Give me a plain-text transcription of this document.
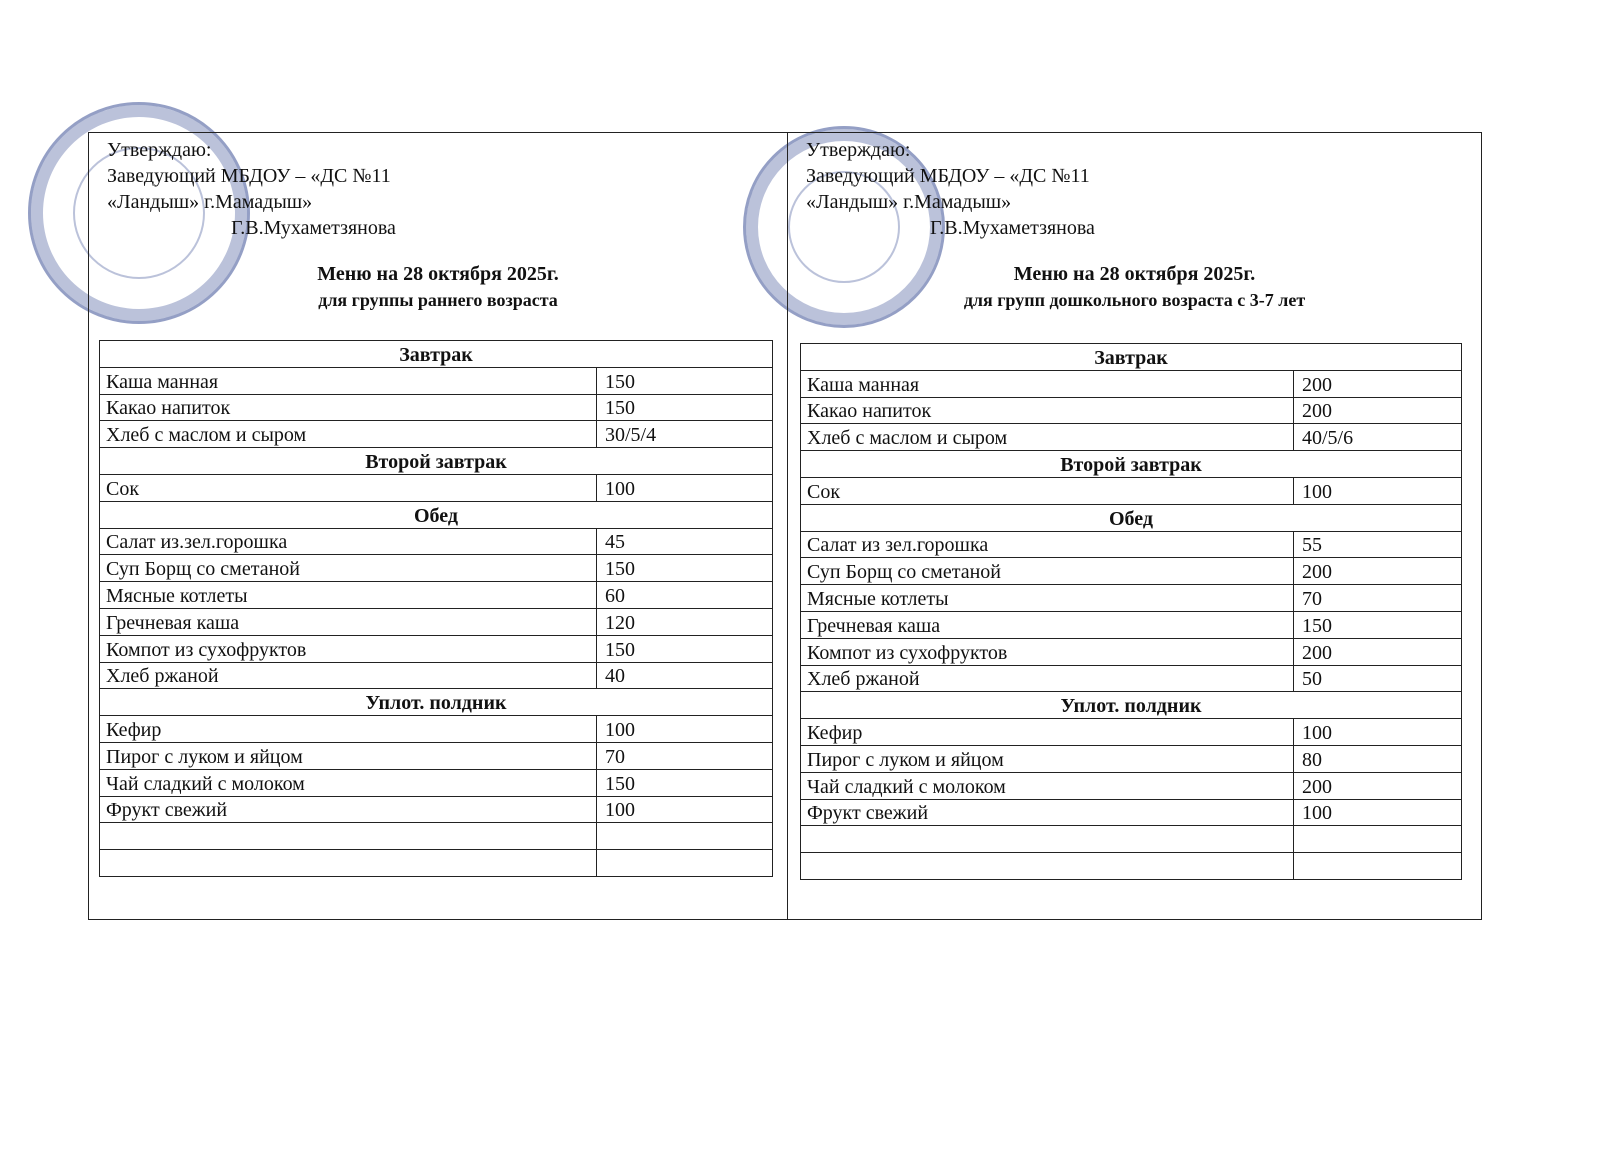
Утверждаю:
Заведующий МБДОУ – «ДС №11
«Ландыш» г.Мамадыш»
Г.В.Мухаметзянова
Меню на 28 октября 2025г.
для группы раннего возраста
Завтрак	
Каша манная	150
Какао напиток	150
Хлеб с маслом и сыром	30/5/4
Второй завтрак	
Сок	100
Обед	
Салат из.зел.горошка	45
Суп Борщ со сметаной	150
Мясные котлеты	60
Гречневая каша	120
Компот из сухофруктов	150
Хлеб ржаной	40
Уплот. полдник	
Кефир	100
Пирог с луком и яйцом	70
Чай сладкий с молоком	150
Фрукт свежий	100

Утверждаю:
Заведующий МБДОУ – «ДС №11
«Ландыш» г.Мамадыш»
Г.В.Мухаметзянова
Меню на 28 октября 2025г.
для групп дошкольного возраста с 3-7 лет
Завтрак	
Каша манная	200
Какао напиток	200
Хлеб с маслом и сыром	40/5/6
Второй завтрак	
Сок	100
Обед	
Салат из зел.горошка	55
Суп Борщ со сметаной	200
Мясные котлеты	70
Гречневая каша	150
Компот из сухофруктов	200
Хлеб ржаной	50
Уплот. полдник	
Кефир	100
Пирог с луком и яйцом	80
Чай сладкий с молоком	200
Фрукт свежий	100
